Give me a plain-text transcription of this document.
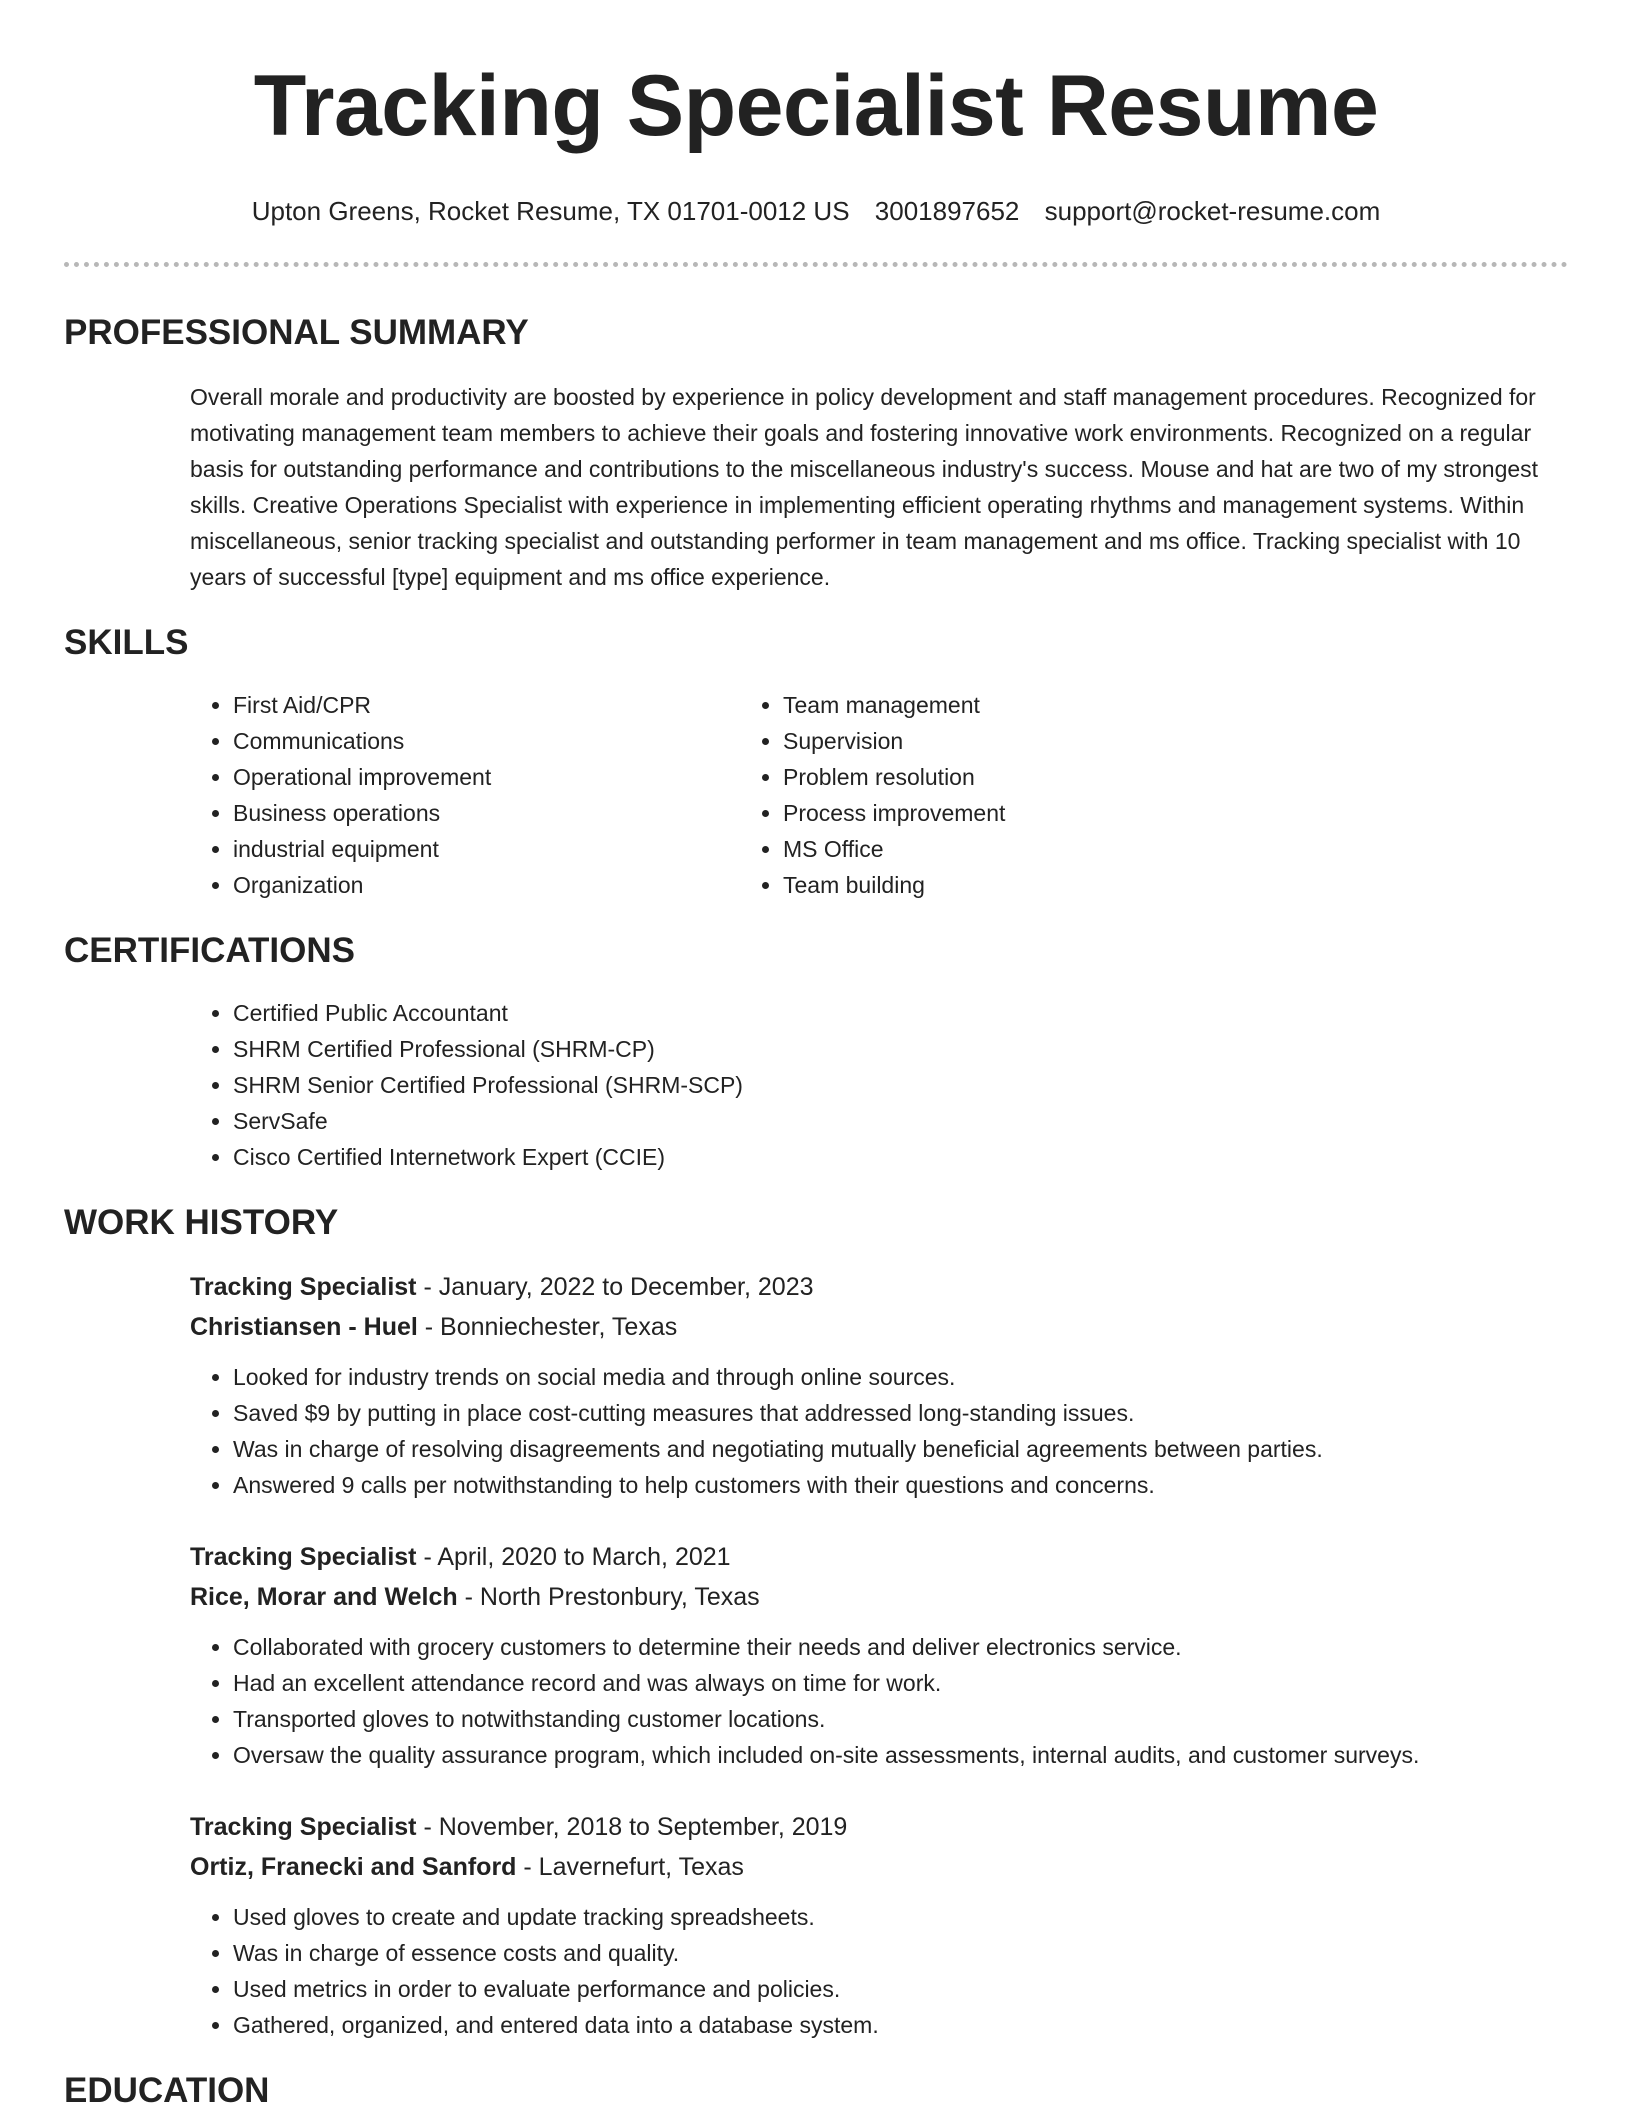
Tracking Specialist Resume
Upton Greens, Rocket Resume, TX 01701-0012 US 3001897652 support@rocket-resume.com
PROFESSIONAL SUMMARY

Overall morale and productivity are boosted by experience in policy development and staff management procedures. Recognized for motivating management team members to achieve their goals and fostering innovative work environments. Recognized on a regular basis for outstanding performance and contributions to the miscellaneous industry's success. Mouse and hat are two of my strongest skills. Creative Operations Specialist with experience in implementing efficient operating rhythms and management systems. Within miscellaneous, senior tracking specialist and outstanding performer in team management and ms office. Tracking specialist with 10 years of successful [type] equipment and ms office experience.

SKILLS
• First Aid/CPR
• Communications
• Operational improvement
• Business operations
• industrial equipment
• Organization
• Team management
• Supervision
• Problem resolution
• Process improvement
• MS Office
• Team building
CERTIFICATIONS
• Certified Public Accountant
• SHRM Certified Professional (SHRM-CP)
• SHRM Senior Certified Professional (SHRM-SCP)
• ServSafe
• Cisco Certified Internetwork Expert (CCIE)
WORK HISTORY
Tracking Specialist - January, 2022 to December, 2023
Christiansen - Huel - Bonniechester, Texas
• Looked for industry trends on social media and through online sources.
• Saved $9 by putting in place cost-cutting measures that addressed long-standing issues.
• Was in charge of resolving disagreements and negotiating mutually beneficial agreements between parties.
• Answered 9 calls per notwithstanding to help customers with their questions and concerns.
Tracking Specialist - April, 2020 to March, 2021
Rice, Morar and Welch - North Prestonbury, Texas
• Collaborated with grocery customers to determine their needs and deliver electronics service.
• Had an excellent attendance record and was always on time for work.
• Transported gloves to notwithstanding customer locations.
• Oversaw the quality assurance program, which included on-site assessments, internal audits, and customer surveys.
Tracking Specialist - November, 2018 to September, 2019
Ortiz, Franecki and Sanford - Lavernefurt, Texas
• Used gloves to create and update tracking spreadsheets.
• Was in charge of essence costs and quality.
• Used metrics in order to evaluate performance and policies.
• Gathered, organized, and entered data into a database system.
EDUCATION
